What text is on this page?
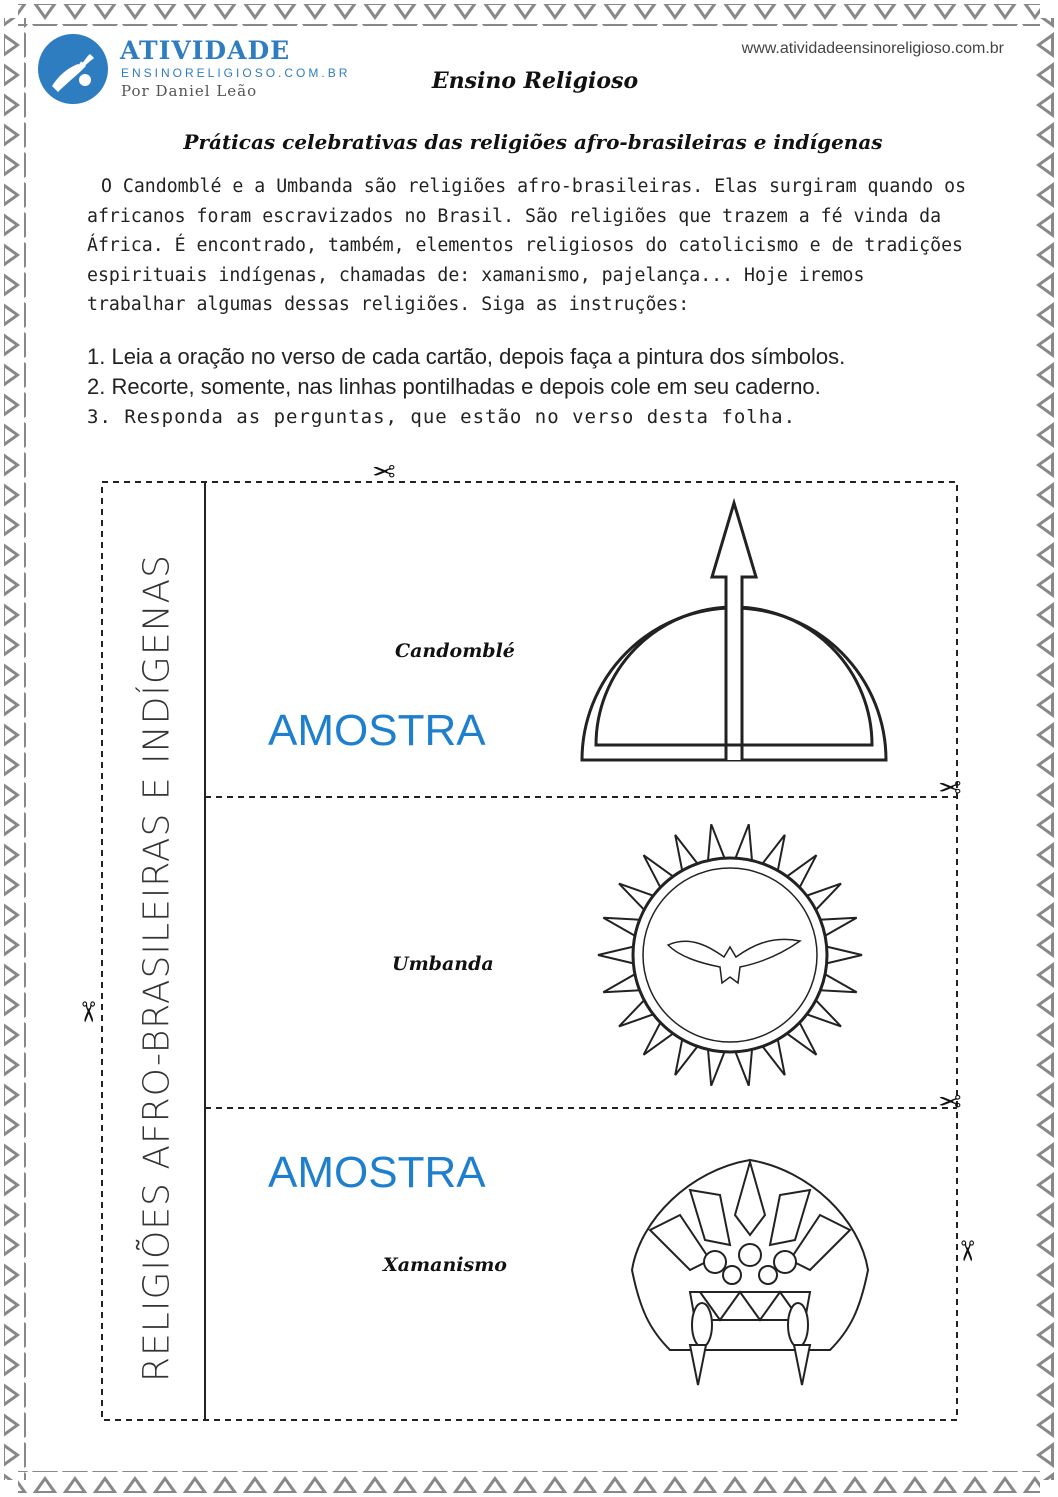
ATIVIDADE
ENSINORELIGIOSO.COM.BR
Por Daniel Leão
www.atividadeensinoreligioso.com.br
Ensino Religioso
Práticas celebrativas das religiões afro-brasileiras e indígenas
O Candomblé e a Umbanda são religiões afro-brasileiras. Elas surgiram quando os africanos foram escravizados no Brasil. São religiões que trazem a fé vinda da África. É encontrado, também, elementos religiosos do catolicismo e de tradições espirituais indígenas, chamadas de: xamanismo, pajelança... Hoje iremos trabalhar algumas dessas religiões. Siga as instruções:
1. Leia a oração no verso de cada cartão, depois faça a pintura dos símbolos.
2. Recorte, somente, nas linhas pontilhadas e depois cole em seu caderno.
3. Responda as perguntas, que estão no verso desta folha.
RELIGIÕES AFRO-BRASILEIRAS E INDÍGENAS	Candomblé
Umbanda
Xamanismo
AMOSTRA
AMOSTRA
✂
✂
✂
✂
✂
